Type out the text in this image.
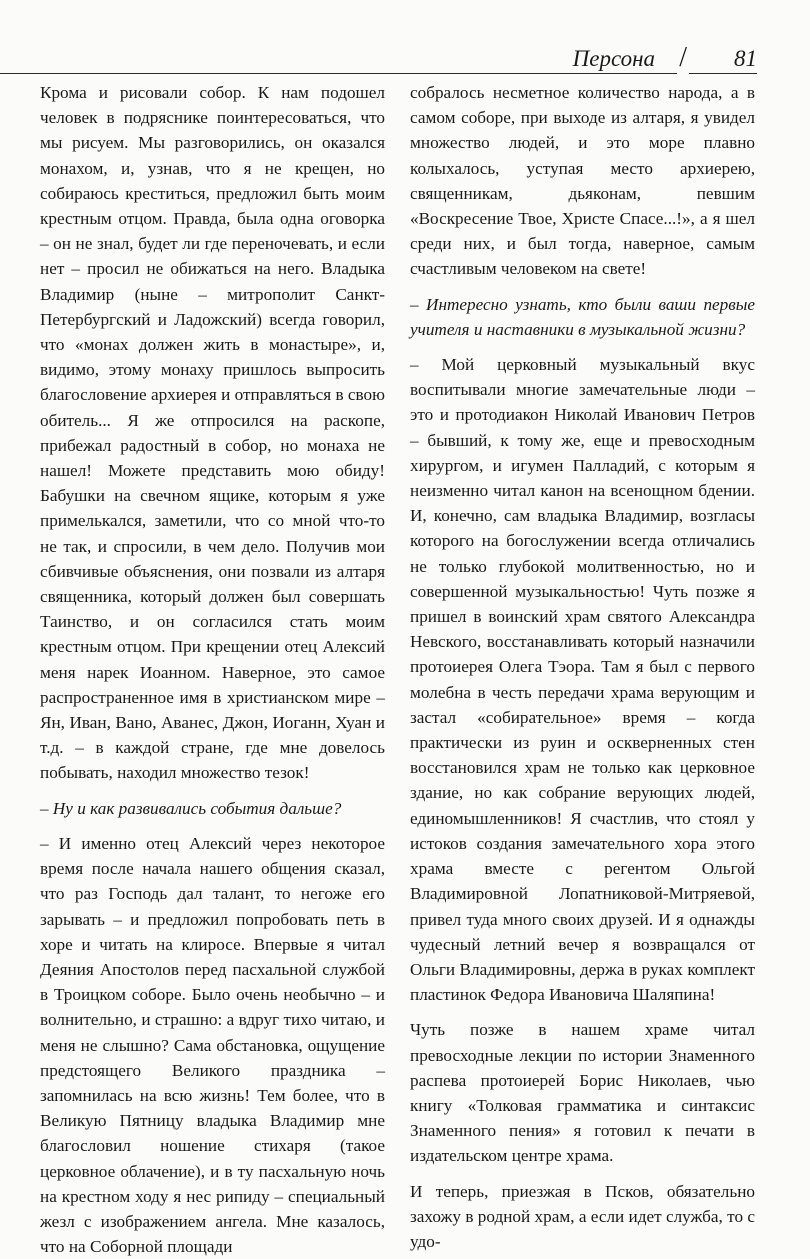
Персона / 81

Крома и рисовали собор. К нам подошел человек в подряснике поинтересоваться, что мы рисуем. Мы разговорились, он оказался монахом, и, узнав, что я не крещен, но собираюсь креститься, предложил быть моим крестным отцом. Правда, была одна оговорка – он не знал, будет ли где переночевать, и если нет – просил не обижаться на него. Владыка Владимир (ныне – митрополит Санкт-Петербургский и Ладожский) всегда говорил, что «монах должен жить в монастыре», и, видимо, этому монаху пришлось выпросить благословение архиерея и отправляться в свою обитель... Я же отпросился на раскопе, прибежал радостный в собор, но монаха не нашел! Можете представить мою обиду! Бабушки на свечном ящике, которым я уже примелькался, заметили, что со мной что-то не так, и спросили, в чем дело. Получив мои сбивчивые объяснения, они позвали из алтаря священника, который должен был совершать Таинство, и он согласился стать моим крестным отцом. При крещении отец Алексий меня нарек Иоанном. Наверное, это самое распространенное имя в христианском мире – Ян, Иван, Вано, Аванес, Джон, Иоганн, Хуан и т.д. – в каждой стране, где мне довелось побывать, находил множество тезок!

– Ну и как развивались события дальше?

– И именно отец Алексий через некоторое время после начала нашего общения сказал, что раз Господь дал талант, то негоже его зарывать – и предложил попробовать петь в хоре и читать на клиросе. Впервые я читал Деяния Апостолов перед пасхальной службой в Троицком соборе. Было очень необычно – и волнительно, и страшно: а вдруг тихо читаю, и меня не слышно? Сама обстановка, ощущение предстоящего Великого праздника – запомнилась на всю жизнь! Тем более, что в Великую Пятницу владыка Владимир мне благословил ношение стихаря (такое церковное облачение), и в ту пасхальную ночь на крестном ходу я нес рипиду – специальный жезл с изображением ангела. Мне казалось, что на Соборной площади

собралось несметное количество народа, а в самом соборе, при выходе из алтаря, я увидел множество людей, и это море плавно колыхалось, уступая место архиерею, священникам, дьяконам, певшим «Воскресение Твое, Христе Спасе...!», а я шел среди них, и был тогда, наверное, самым счастливым человеком на свете!

– Интересно узнать, кто были ваши первые учителя и наставники в музыкальной жизни?

– Мой церковный музыкальный вкус воспитывали многие замечательные люди – это и протодиакон Николай Иванович Петров – бывший, к тому же, еще и превосходным хирургом, и игумен Палладий, с которым я неизменно читал канон на всенощном бдении. И, конечно, сам владыка Владимир, возгласы которого на богослужении всегда отличались не только глубокой молитвенностью, но и совершенной музыкальностью! Чуть позже я пришел в воинский храм святого Александра Невского, восстанавливать который назначили протоиерея Олега Тэора. Там я был с первого молебна в честь передачи храма верующим и застал «собирательное» время – когда практически из руин и оскверненных стен восстановился храм не только как церковное здание, но как собрание верующих людей, единомышленников! Я счастлив, что стоял у истоков создания замечательного хора этого храма вместе с регентом Ольгой Владимировной Лопатниковой-Митряевой, привел туда много своих друзей. И я однажды чудесный летний вечер я возвращался от Ольги Владимировны, держа в руках комплект пластинок Федора Ивановича Шаляпина!

Чуть позже в нашем храме читал превосходные лекции по истории Знаменного распева протоиерей Борис Николаев, чью книгу «Толковая грамматика и синтаксис Знаменного пения» я готовил к печати в издательском центре храма.

И теперь, приезжая в Псков, обязательно захожу в родной храм, а если идет служба, то с удо-
